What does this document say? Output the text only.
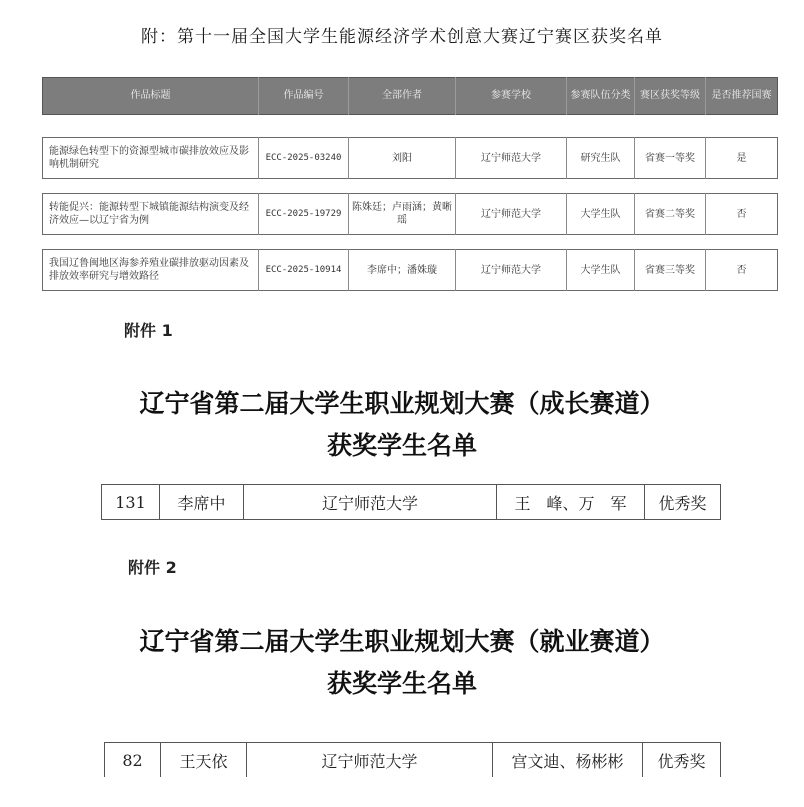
附：第十一届全国大学生能源经济学术创意大赛辽宁赛区获奖名单
作品标题	作品编号	全部作者	参赛学校	参赛队伍分类	赛区获奖等级	是否推荐国赛
能源绿色转型下的资源型城市碳排放效应及影响机制研究	ECC-2025-03240	刘阳	辽宁师范大学	研究生队	省赛一等奖	是
转能促兴：能源转型下城镇能源结构演变及经济效应—以辽宁省为例	ECC-2025-19729	陈姝廷；卢雨涵；黄晰瑶	辽宁师范大学	大学生队	省赛二等奖	否
我国辽鲁闽地区海参养殖业碳排放驱动因素及排放效率研究与增效路径	ECC-2025-10914	李席中；潘姝璇	辽宁师范大学	大学生队	省赛三等奖	否
附件 1
辽宁省第二届大学生职业规划大赛（成长赛道）
获奖学生名单
131	李席中	辽宁师范大学	王　峰、万　军	优秀奖
附件 2
辽宁省第二届大学生职业规划大赛（就业赛道）
获奖学生名单
82	王天依	辽宁师范大学	宫文迪、杨彬彬	优秀奖
